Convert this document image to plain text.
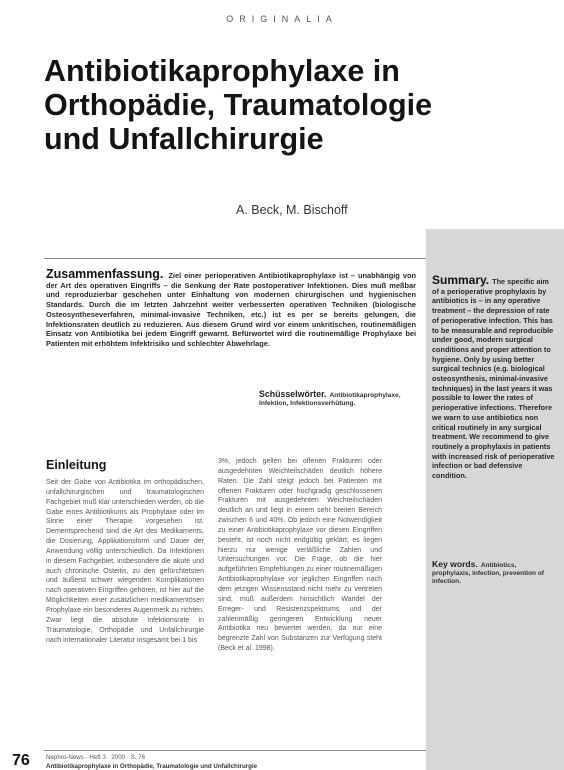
ORIGINALIA
Antibiotikaprophylaxe in
Orthopädie, Traumatologie
und Unfallchirurgie
A. Beck, M. Bischoff
Zusammenfassung. Ziel einer perioperativen Antibiotikaprophylaxe ist – unabhängig von der Art des operativen Eingriffs – die Senkung der Rate postoperativer Infektionen. Dies muß meßbar und reproduzierbar geschehen unter Einhaltung von modernen chirurgischen und hygienischen Standards. Durch die im letzten Jahrzehnt weiter verbesserten operativen Techniken (biologische Osteosyntheseverfahren, minimal-invasive Techniken, etc.) ist es per se bereits gelungen, die Infektionsraten deutlich zu reduzieren. Aus diesem Grund wird vor einem unkritischen, routinemäßigen Einsatz von Antibiotika bei jedem Eingriff gewarnt. Befürwortet wird die routinemäßige Prophylaxe bei Patienten mit erhöhtem Infektrisiko und schlechter Abwehrlage.
Schüsselwörter. Antibiotikaprophylaxe, Infektion, Infektionsverhütung.
Summary. The specific aim of a perioperative prophylaxis by antibiotics is – in any operative treatment – the depression of rate of perioperative infection. This has to be measurable and reproducible under good, modern surgical conditions and proper attention to hygiene. Only by using better surgical technics (e.g. biological osteosynthesis, minimal-invasive techniques) in the last years it was possible to lower the rates of perioperative infections. Therefore we warn to use antibiotics non critical routinely in any surgical treatment. We recommend to give routinely a prophylaxis in patients with increased risk of perioperative infection or bad defensive condition.
Key words. Antibiotics, prophylaxis, infection, prevention of infection.
Einleitung
Seit der Gabe von Antibiotika im orthopädischen, unfallchirurgischen und traumatologischen Fachgebiet muß klar unterschieden werden, ob die Gabe eines Antibiotikums als Prophylaxe oder im Sinne einer Therapie vorgesehen ist. Dementsprechend sind die Art des Medikaments, die Dosierung, Applikationsform und Dauer der Anwendung völlig unterschiedlich. Da Infektionen in diesem Fachgebiet, insbesondere die akute und auch chronische Osteitis, zu den gefürchtetsten und äußerst schwer wiegenden Komplikationen nach operativen Eingriffen gehören, ist hier auf die Möglichkeiten einer zusätzlichen medikamentösen Prophylaxe ein besonderes Augenmerk zu richten. Zwar liegt die absolute Infektionsrate in Traumatologie, Orthopädie und Unfallchirurgie nach internationaler Literatur insgesamt bei 1 bis
3%, jedoch gelten bei offenen Frakturen oder ausgedehnten Weichteilschäden deutlich höhere Raten. Die Zahl steigt jedoch bei Patienten mit offenen Frakturen oder hochgradig geschlossenen Frakturen mit ausgedehnten Weichteilschäden deutlich an und liegt in einem sehr breiten Bereich zwischen 6 und 40%. Ob jedoch eine Notwendigkeit zu einer Antibiotikaprophylaxe vor diesen Eingriffen besteht, ist noch nicht endgültig geklärt; es liegen hierzu nur wenige verläßliche Zahlen und Untersuchungen vor. Die Frage, ob die hier aufgeführten Empfehlungen zu einer routinemäßigen Antibiotikaprophylaxe vor jeglichen Eingriffen nach dem jetzigen Wissensstand nicht mehr zu vertreten sind, muß außerdem hinsichtlich Wandel der Erreger- und Resistenzspektrums und der zahlenmäßig geringeren Entwicklung neuer Antibiotika neu bewertet werden, da nur eine begrenzte Zahl von Substanzen zur Verfügung steht (Beck et al. 1998).
76	Nephro-News · Heft 3 · 2000 · S. 76
Antibiotikaprophylaxe in Orthopädie, Traumatologie und Unfallchirurgie
